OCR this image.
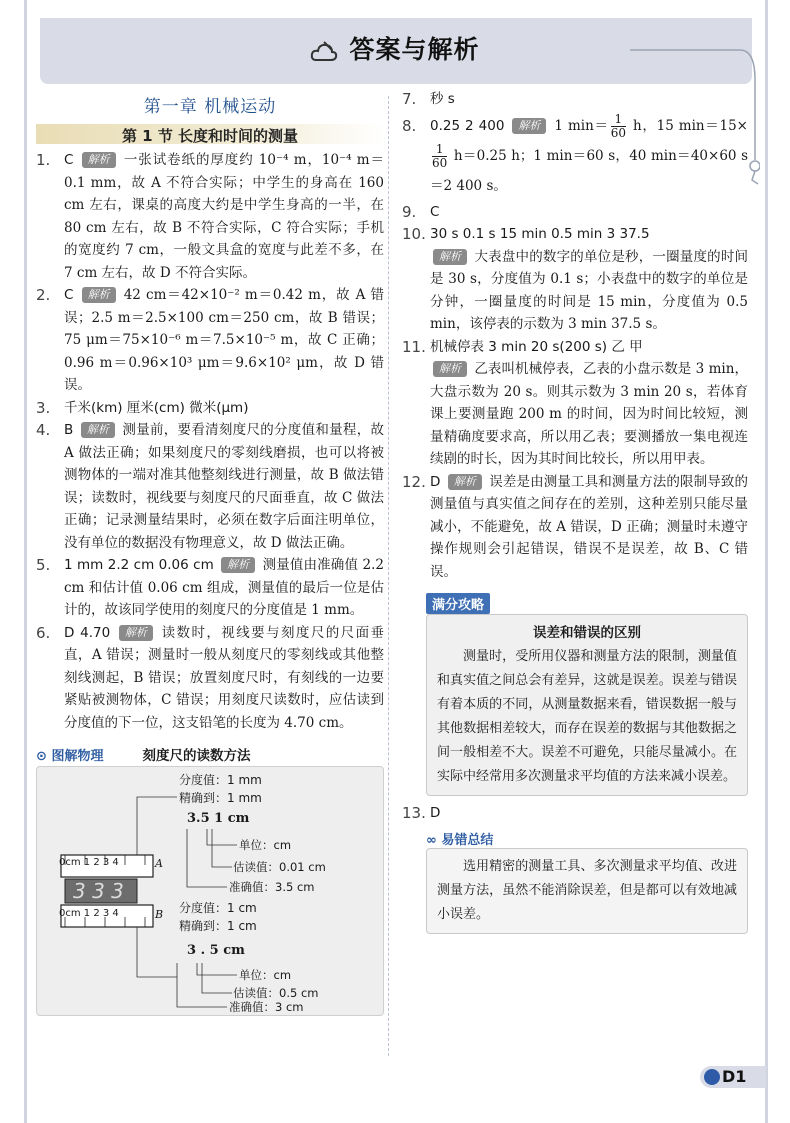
答案与解析
第一章 机械运动
第 1 节 长度和时间的测量
1. C 解析 一张试卷纸的厚度约 10⁻⁴ m，10⁻⁴ m＝0.1 mm，故 A 不符合实际；中学生的身高在 160 cm 左右，课桌的高度大约是中学生身高的一半，在 80 cm 左右，故 B 不符合实际，C 符合实际；手机的宽度约 7 cm，一般文具盒的宽度与此差不多，在 7 cm 左右，故 D 不符合实际。
2. C 解析 42 cm＝42×10⁻² m＝0.42 m，故 A 错误；2.5 m＝2.5×100 cm＝250 cm，故 B 错误；75 μm＝75×10⁻⁶ m＝7.5×10⁻⁵ m，故 C 正确；0.96 m＝0.96×10³ μm＝9.6×10² μm，故 D 错误。
3. 千米(km) 厘米(cm) 微米(μm)
4. B 解析 测量前，要看清刻度尺的分度值和量程，故 A 做法正确；如果刻度尺的零刻线磨损，也可以将被测物体的一端对准其他整刻线进行测量，故 B 做法错误；读数时，视线要与刻度尺的尺面垂直，故 C 做法正确；记录测量结果时，必须在数字后面注明单位，没有单位的数据没有物理意义，故 D 做法正确。
5. 1 mm 2.2 cm 0.06 cm 解析 测量值由准确值 2.2 cm 和估计值 0.06 cm 组成，测量值的最后一位是估计的，故该同学使用的刻度尺的分度值是 1 mm。
6. D 4.70 解析 读数时，视线要与刻度尺的尺面垂直，A 错误；测量时一般从刻度尺的零刻线或其他整刻线测起，B 错误；放置刻度尺时，有刻线的一边要紧贴被测物体，C 错误；用刻度尺读数时，应估读到分度值的下一位，这支铅笔的长度为 4.70 cm。
⊙ 图解物理	刻度尺的读数方法
3 3 3
0cm 1 2 3 4	A
0cm 1 2 3 4	B
分度值：1 mm
精确到：1 mm
3.5 1 cm
单位：cm
估读值：0.01 cm
准确值：3.5 cm
分度值：1 cm
精确到：1 cm
3 . 5 cm
单位：cm
估读值：0.5 cm
准确值：3 cm
7. 秒 s
8. 0.25 2 400 解析 1 $\min= \frac{1}{60}$ h，15 min＝15×
$\frac{1}{60} h=0.25$ h；1 min＝60 s，40 min＝40×60 s＝2 400 s。
9. C
10. 30 s 0.1 s 15 min 0.5 min 3 37.5
解析 大表盘中的数字的单位是秒，一圈量度的时间是 30 s，分度值为 0.1 s；小表盘中的数字的单位是分钟，一圈量度的时间是 15 min，分度值为 0.5 min，该停表的示数为 3 min 37.5 s。
11. 机械停表 3 min 20 s(200 s) 乙 甲
解析 乙表叫机械停表，乙表的小盘示数是 3 min，大盘示数为 20 s。则其示数为 3 min 20 s，若体育课上要测量跑 200 m 的时间，因为时间比较短，测量精确度要求高，所以用乙表；要测播放一集电视连续剧的时长，因为其时间比较长，所以用甲表。
12. D 解析 误差是由测量工具和测量方法的限制导致的测量值与真实值之间存在的差别，这种差别只能尽量减小，不能避免，故 A 错误，D 正确；测量时未遵守操作规则会引起错误，错误不是误差，故 B、C 错误。
满分攻略
误差和错误的区别
测量时，受所用仪器和测量方法的限制，测量值和真实值之间总会有差异，这就是误差。误差与错误有着本质的不同，从测量数据来看，错误数据一般与其他数据相差较大，而存在误差的数据与其他数据之间一般相差不大。误差不可避免，只能尽量减小。在实际中经常用多次测量求平均值的方法来减小误差。
13. D
∞ 易错总结
选用精密的测量工具、多次测量求平均值、改进测量方法，虽然不能消除误差，但是都可以有效地减小误差。
D1
